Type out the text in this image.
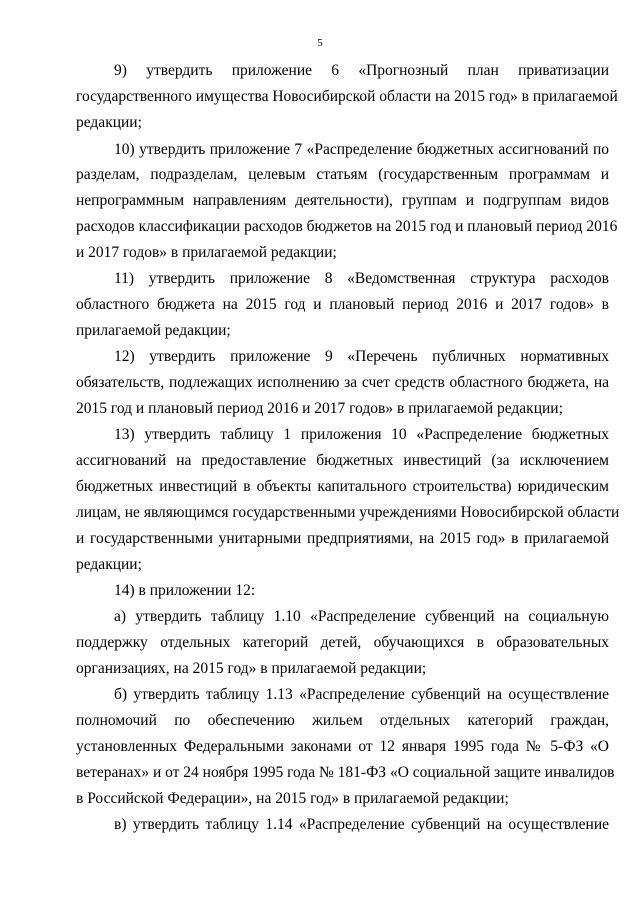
5
9) утвердить приложение 6 «Прогнозный план приватизации
государственного имущества Новосибирской области на 2015 год» в прилагаемой
редакции;
10) утвердить приложение 7 «Распределение бюджетных ассигнований по
разделам, подразделам, целевым статьям (государственным программам и
непрограммным направлениям деятельности), группам и подгруппам видов
расходов классификации расходов бюджетов на 2015 год и плановый период 2016
и 2017 годов» в прилагаемой редакции;
11) утвердить приложение 8 «Ведомственная структура расходов
областного бюджета на 2015 год и плановый период 2016 и 2017 годов» в
прилагаемой редакции;
12) утвердить приложение 9 «Перечень публичных нормативных
обязательств, подлежащих исполнению за счет средств областного бюджета, на
2015 год и плановый период 2016 и 2017 годов» в прилагаемой редакции;
13) утвердить таблицу 1 приложения 10 «Распределение бюджетных
ассигнований на предоставление бюджетных инвестиций (за исключением
бюджетных инвестиций в объекты капитального строительства) юридическим
лицам, не являющимся государственными учреждениями Новосибирской области
и государственными унитарными предприятиями, на 2015 год» в прилагаемой
редакции;
14) в приложении 12:
а) утвердить таблицу 1.10 «Распределение субвенций на социальную
поддержку отдельных категорий детей, обучающихся в образовательных
организациях, на 2015 год» в прилагаемой редакции;
б) утвердить таблицу 1.13 «Распределение субвенций на осуществление
полномочий по обеспечению жильем отдельных категорий граждан,
установленных Федеральными законами от 12 января 1995 года № 5-ФЗ «О
ветеранах» и от 24 ноября 1995 года № 181-ФЗ «О социальной защите инвалидов
в Российской Федерации», на 2015 год» в прилагаемой редакции;
в) утвердить таблицу 1.14 «Распределение субвенций на осуществление
